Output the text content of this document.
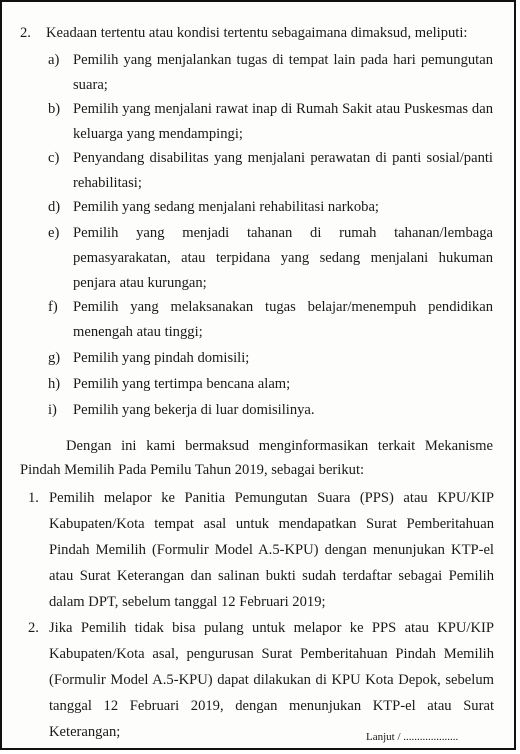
2. Keadaan tertentu atau kondisi tertentu sebagaimana dimaksud, meliputi:
a) Pemilih yang menjalankan tugas di tempat lain pada hari pemungutan
suara;
b) Pemilih yang menjalani rawat inap di Rumah Sakit atau Puskesmas dan
keluarga yang mendampingi;
c) Penyandang disabilitas yang menjalani perawatan di panti sosial/panti
rehabilitasi;
d) Pemilih yang sedang menjalani rehabilitasi narkoba;
e) Pemilih yang menjadi tahanan di rumah tahanan/lembaga
pemasyarakatan, atau terpidana yang sedang menjalani hukuman
penjara atau kurungan;
f) Pemilih yang melaksanakan tugas belajar/menempuh pendidikan
menengah atau tinggi;
g) Pemilih yang pindah domisili;
h) Pemilih yang tertimpa bencana alam;
i) Pemilih yang bekerja di luar domisilinya.
Dengan ini kami bermaksud menginformasikan terkait Mekanisme
Pindah Memilih Pada Pemilu Tahun 2019, sebagai berikut:
1. Pemilih melapor ke Panitia Pemungutan Suara (PPS) atau KPU/KIP
Kabupaten/Kota tempat asal untuk mendapatkan Surat Pemberitahuan
Pindah Memilih (Formulir Model A.5-KPU) dengan menunjukan KTP-el
atau Surat Keterangan dan salinan bukti sudah terdaftar sebagai Pemilih
dalam DPT, sebelum tanggal 12 Februari 2019;
2. Jika Pemilih tidak bisa pulang untuk melapor ke PPS atau KPU/KIP
Kabupaten/Kota asal, pengurusan Surat Pemberitahuan Pindah Memilih
(Formulir Model A.5-KPU) dapat dilakukan di KPU Kota Depok, sebelum
tanggal 12 Februari 2019, dengan menunjukan KTP-el atau Surat
Keterangan;	Lanjut / ....................
